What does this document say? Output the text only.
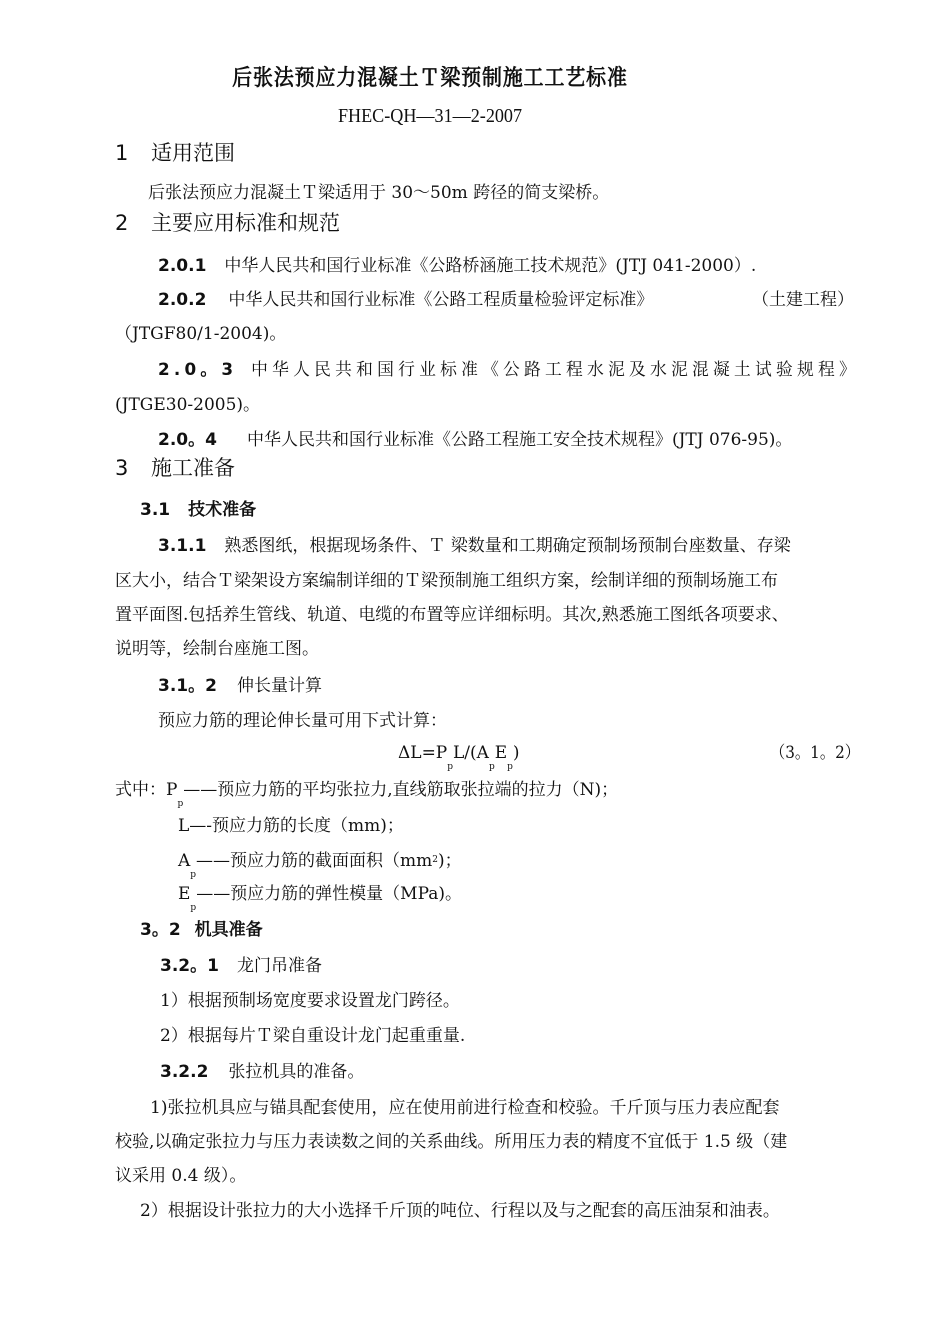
后张法预应力混凝土Ｔ梁预制施工工艺标准
FHEC-QH—31—2-2007
1 适用范围
后张法预应力混凝土Ｔ梁适用于 30～50m 跨径的简支梁桥。
2 主要应用标准和规范
2.0.1 中华人民共和国行业标准《公路桥涵施工技术规范》(JTJ 041-2000）.
2.0.2 中华人民共和国行业标准《公路工程质量检验评定标准》	（土建工程）
（JTGF80/1-2004)。
2.0。3 中华人民共和国行业标准《公路工程水泥及水泥混凝土试验规程》
(JTGE30-2005)。
2.0。4 中华人民共和国行业标准《公路工程施工安全技术规程》(JTJ 076-95)。
3 施工准备
3.1 技术准备
3.1.1 熟悉图纸，根据现场条件、Ｔ 梁数量和工期确定预制场预制台座数量、存梁
区大小，结合Ｔ梁架设方案编制详细的Ｔ梁预制施工组织方案，绘制详细的预制场施工布
置平面图.包括养生管线、轨道、电缆的布置等应详细标明。其次,熟悉施工图纸各项要求、
说明等，绘制台座施工图。
3.1。2 伸长量计算
预应力筋的理论伸长量可用下式计算：
$\Delta L=P_pL/(A_pE_p)$	（3。1。2）
式中：$P_p——$预应力筋的平均张拉力,直线筋取张拉端的拉力（N)；
L—-预应力筋的长度（mm)；
$A_p——$预应力筋的截面面积$(mm^2)$；
$E_p——$预应力筋的弹性模量（MPa)。
3。2 机具准备
3.2。1 龙门吊准备
1）根据预制场宽度要求设置龙门跨径。
2）根据每片Ｔ梁自重设计龙门起重重量.
3.2.2 张拉机具的准备。
1)张拉机具应与锚具配套使用，应在使用前进行检查和校验。千斤顶与压力表应配套
校验,以确定张拉力与压力表读数之间的关系曲线。所用压力表的精度不宜低于 1.5 级（建
议采用 0.4 级）。
2）根据设计张拉力的大小选择千斤顶的吨位、行程以及与之配套的高压油泵和油表。
